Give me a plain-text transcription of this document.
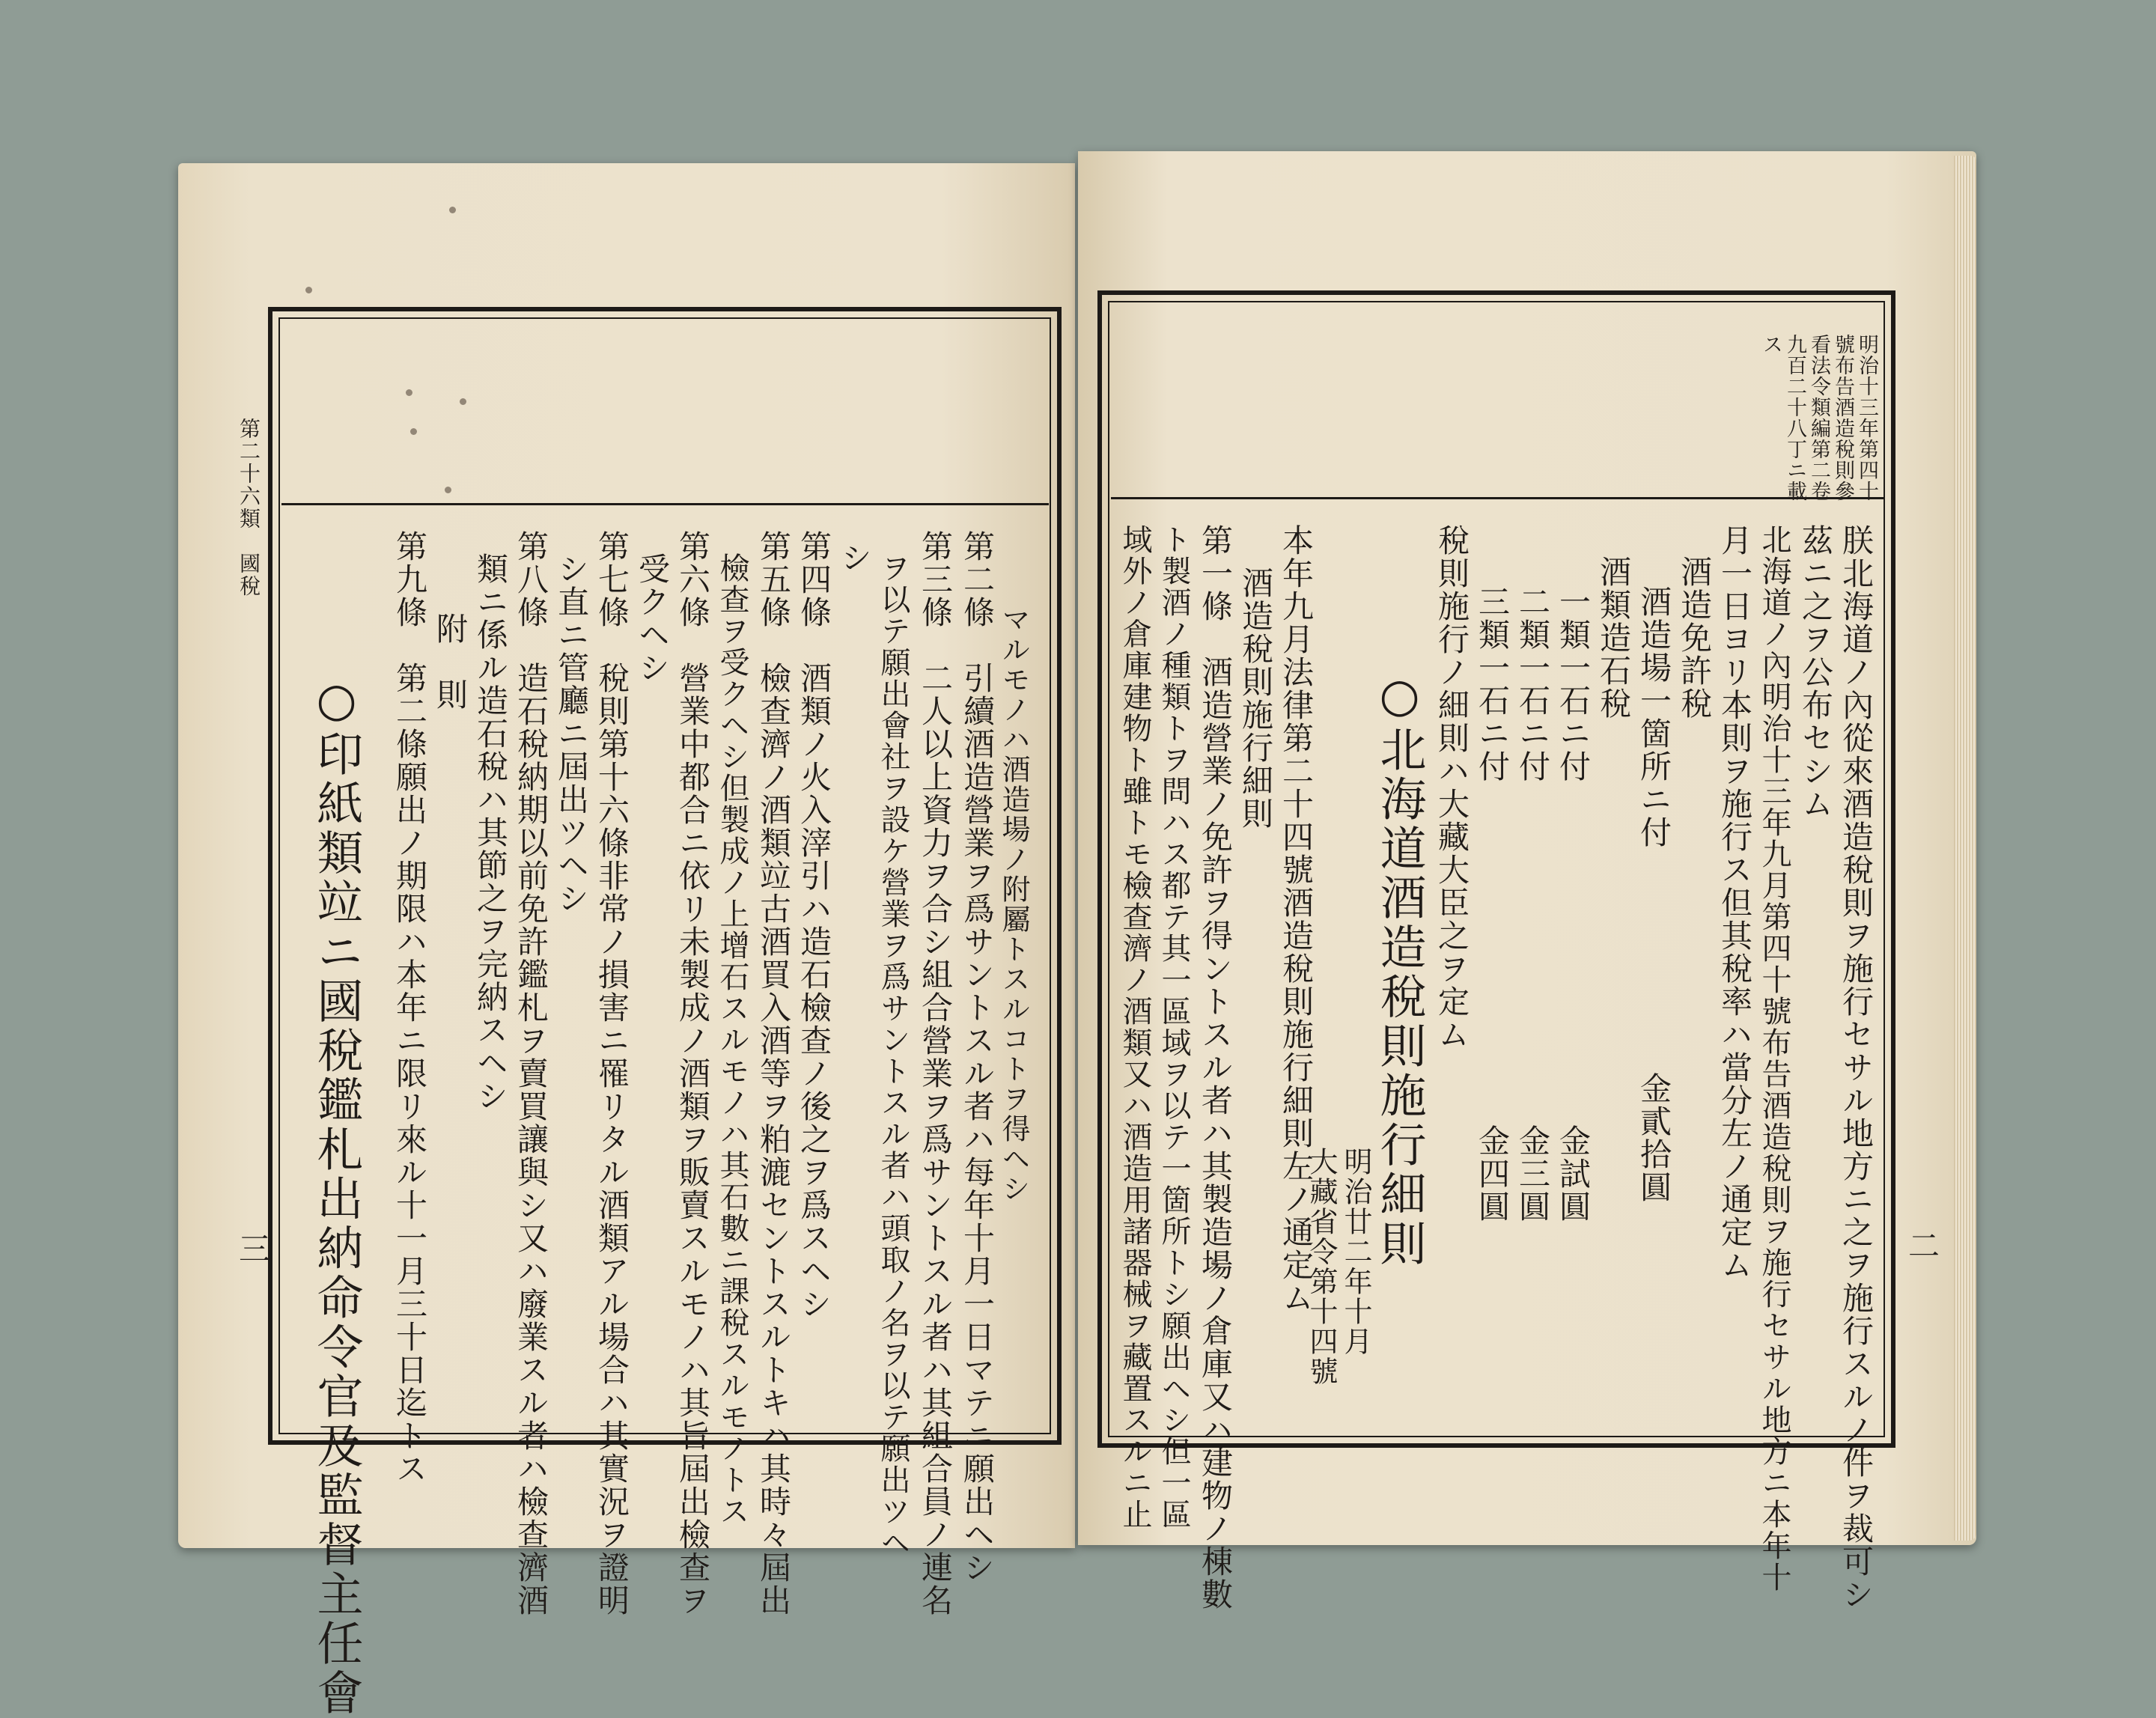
第二十六類　國稅
三
マルモノハ酒造場ノ附屬トスルコトヲ得ヘシ
第二條　引續酒造營業ヲ爲サントスル者ハ每年十月一日マテニ願出ヘシ
第三條　二人以上資力ヲ合シ組合營業ヲ爲サントスル者ハ其組合員ノ連名
ヲ以テ願出會社ヲ設ケ營業ヲ爲サントスル者ハ頭取ノ名ヲ以テ願出ツヘ
シ
第四條　酒類ノ火入滓引ハ造石檢查ノ後之ヲ爲スヘシ
第五條　檢查濟ノ酒類竝古酒買入酒等ヲ粕漉セントスルトキハ其時々屆出
檢查ヲ受クヘシ但製成ノ上增石スルモノハ其石數ニ課稅スルモノトス
第六條　營業中都合ニ依リ未製成ノ酒類ヲ販賣スルモノハ其旨屆出檢查ヲ
受クヘシ
第七條　稅則第十六條非常ノ損害ニ罹リタル酒類アル場合ハ其實況ヲ證明
シ直ニ管廳ニ屆出ツヘシ
第八條　造石稅納期以前免許鑑札ヲ賣買讓與シ又ハ廢業スル者ハ檢查濟酒
類ニ係ル造石稅ハ其節之ヲ完納スヘシ
附　則
第九條　第二條願出ノ期限ハ本年ニ限リ來ル十一月三十日迄トス
○印紙類竝ニ國稅鑑札出納命令官及監督主任會
明治十三年第四十
號布告酒造稅則參
看法令類編第二卷
九百二十八丁ニ載
ス
朕北海道ノ內從來酒造稅則ヲ施行セサル地方ニ之ヲ施行スルノ件ヲ裁可シ
茲ニ之ヲ公布セシム
北海道ノ內明治十三年九月第四十號布告酒造稅則ヲ施行セサル地方ニ本年十
月一日ヨリ本則ヲ施行ス但其稅率ハ當分左ノ通定ム
酒造免許稅
酒造場一箇所ニ付
酒類造石稅
一類一石ニ付
二類一石ニ付
三類一石ニ付
稅則施行ノ細則ハ大藏大臣之ヲ定ム
金貳拾圓
金試圓
金三圓
金四圓
○北海道酒造稅則施行細則
明治廿二年十月
大藏省令第十四號
本年九月法律第二十四號酒造稅則施行細則左ノ通定ム
酒造稅則施行細則
第一條　酒造營業ノ免許ヲ得ントスル者ハ其製造場ノ倉庫又ハ建物ノ棟數
ト製酒ノ種類トヲ問ハス都テ其一區域ヲ以テ一箇所トシ願出ヘシ但一區
域外ノ倉庫建物ト雖トモ檢查濟ノ酒類又ハ酒造用諸器械ヲ藏置スルニ止	二
